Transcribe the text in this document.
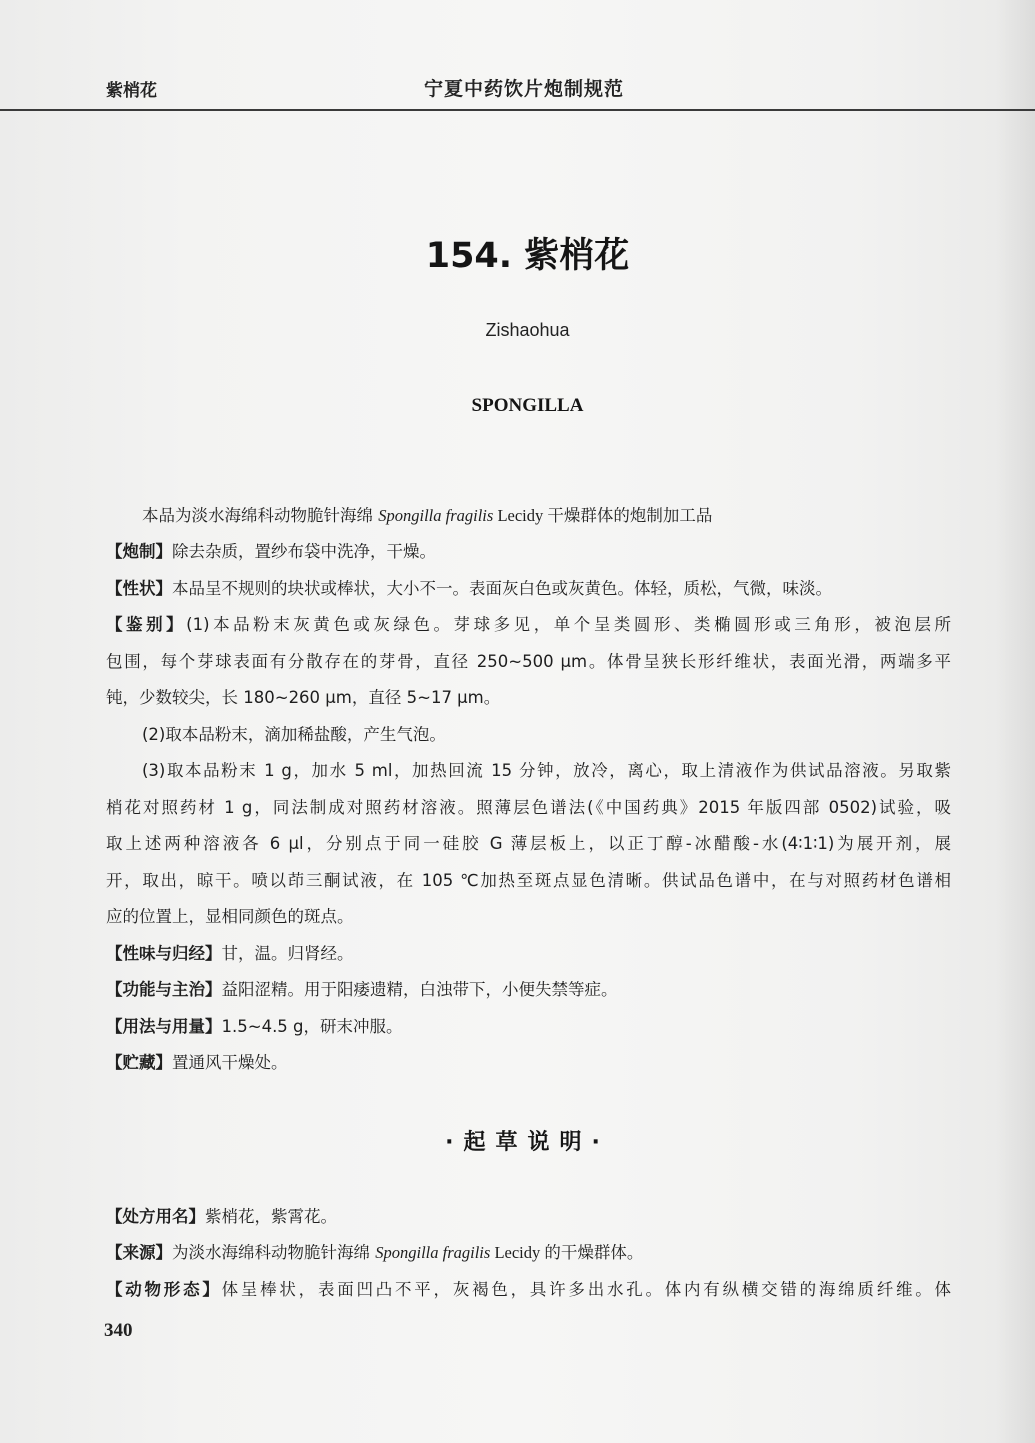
紫梢花	宁夏中药饮片炮制规范
154. 紫梢花
Zishaohua
SPONGILLA
本品为淡水海绵科动物脆针海绵 Spongilla fragilis Lecidy 干燥群体的炮制加工品
【炮制】除去杂质，置纱布袋中洗净，干燥。
【性状】本品呈不规则的块状或棒状，大小不一。表面灰白色或灰黄色。体轻，质松，气微，味淡。
【鉴别】(1)本品粉末灰黄色或灰绿色。芽球多见，单个呈类圆形、类椭圆形或三角形，被泡层所
包围，每个芽球表面有分散存在的芽骨，直径 250~500 μm。体骨呈狭长形纤维状，表面光滑，两端多平
钝，少数较尖，长 180~260 μm，直径 5~17 μm。
(2)取本品粉末，滴加稀盐酸，产生气泡。
(3)取本品粉末 1 g，加水 5 ml，加热回流 15 分钟，放冷，离心，取上清液作为供试品溶液。另取紫
梢花对照药材 1 g，同法制成对照药材溶液。照薄层色谱法(《中国药典》2015 年版四部 0502)试验，吸
取上述两种溶液各 6 μl，分别点于同一硅胶 G 薄层板上，以正丁醇-冰醋酸-水(4∶1∶1)为展开剂，展
开，取出，晾干。喷以茚三酮试液，在 105 ℃加热至斑点显色清晰。供试品色谱中，在与对照药材色谱相
应的位置上，显相同颜色的斑点。
【性味与归经】甘，温。归肾经。
【功能与主治】益阳涩精。用于阳痿遗精，白浊带下，小便失禁等症。
【用法与用量】1.5~4.5 g，研末冲服。
【贮藏】置通风干燥处。
·起草说明·
【处方用名】紫梢花，紫霄花。
【来源】为淡水海绵科动物脆针海绵 Spongilla fragilis Lecidy 的干燥群体。
【动物形态】体呈棒状，表面凹凸不平，灰褐色，具许多出水孔。体内有纵横交错的海绵质纤维。体
340
